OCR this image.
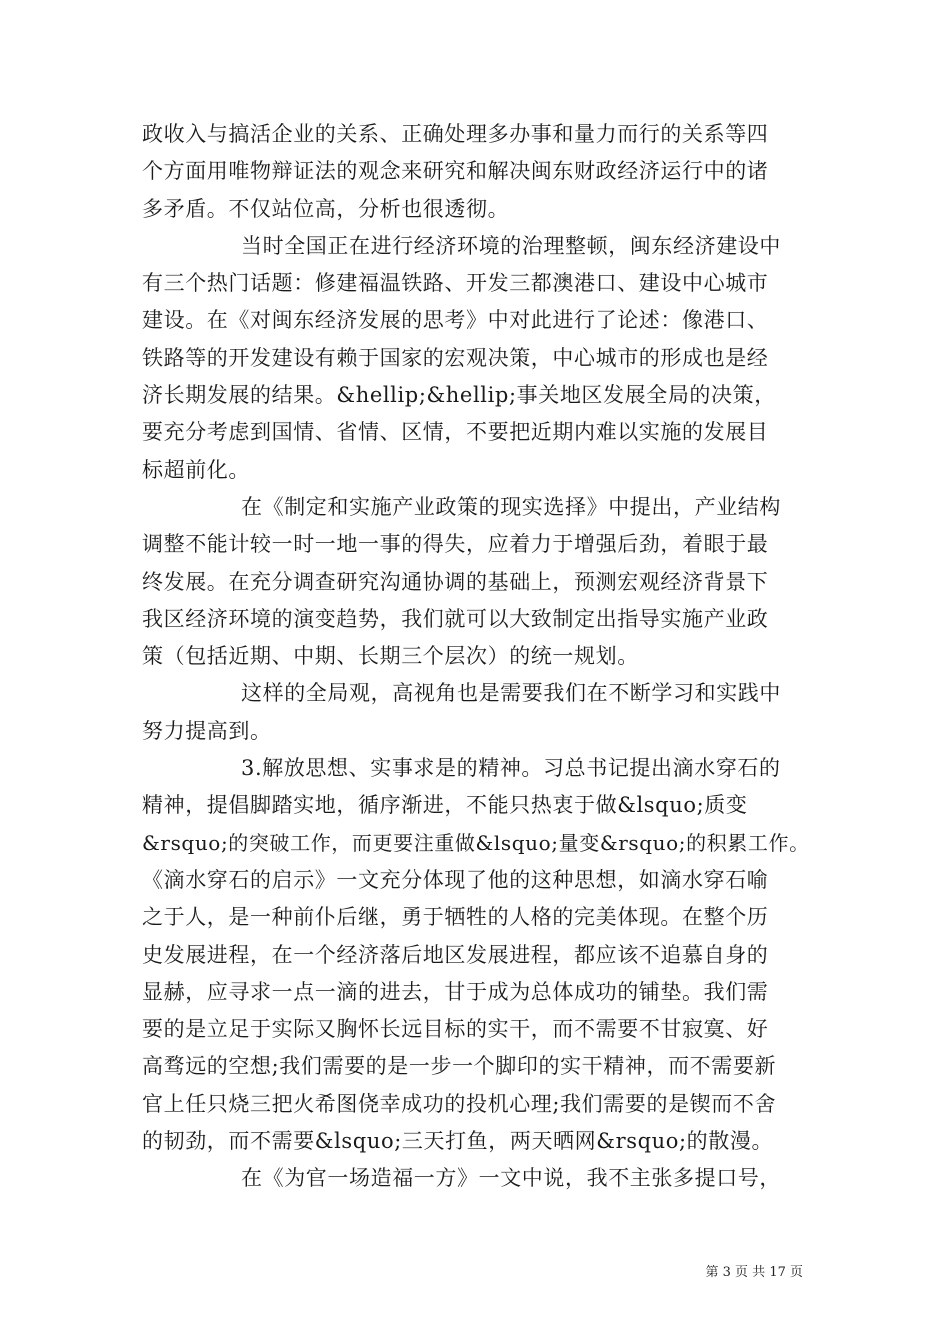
政收入与搞活企业的关系、正确处理多办事和量力而行的关系等四
个方面用唯物辩证法的观念来研究和解决闽东财政经济运行中的诸
多矛盾。不仅站位高，分析也很透彻。
当时全国正在进行经济环境的治理整顿，闽东经济建设中
有三个热门话题：修建福温铁路、开发三都澳港口、建设中心城市
建设。在《对闽东经济发展的思考》中对此进行了论述：像港口、
铁路等的开发建设有赖于国家的宏观决策，中心城市的形成也是经
济长期发展的结果。&hellip;&hellip;事关地区发展全局的决策，
要充分考虑到国情、省情、区情，不要把近期内难以实施的发展目
标超前化。
在《制定和实施产业政策的现实选择》中提出，产业结构
调整不能计较一时一地一事的得失，应着力于增强后劲，着眼于最
终发展。在充分调查研究沟通协调的基础上，预测宏观经济背景下
我区经济环境的演变趋势，我们就可以大致制定出指导实施产业政
策（包括近期、中期、长期三个层次）的统一规划。
这样的全局观，高视角也是需要我们在不断学习和实践中
努力提高到。
3.解放思想、实事求是的精神。习总书记提出滴水穿石的
精神，提倡脚踏实地，循序渐进，不能只热衷于做&lsquo;质变
&rsquo;的突破工作，而更要注重做&lsquo;量变&rsquo;的积累工作。
《滴水穿石的启示》一文充分体现了他的这种思想，如滴水穿石喻
之于人，是一种前仆后继，勇于牺牲的人格的完美体现。在整个历
史发展进程，在一个经济落后地区发展进程，都应该不追慕自身的
显赫，应寻求一点一滴的进去，甘于成为总体成功的铺垫。我们需
要的是立足于实际又胸怀长远目标的实干，而不需要不甘寂寞、好
高骛远的空想;我们需要的是一步一个脚印的实干精神，而不需要新
官上任只烧三把火希图侥幸成功的投机心理;我们需要的是锲而不舍
的韧劲，而不需要&lsquo;三天打鱼，两天晒网&rsquo;的散漫。
在《为官一场造福一方》一文中说，我不主张多提口号，
第 3 页 共 17 页
